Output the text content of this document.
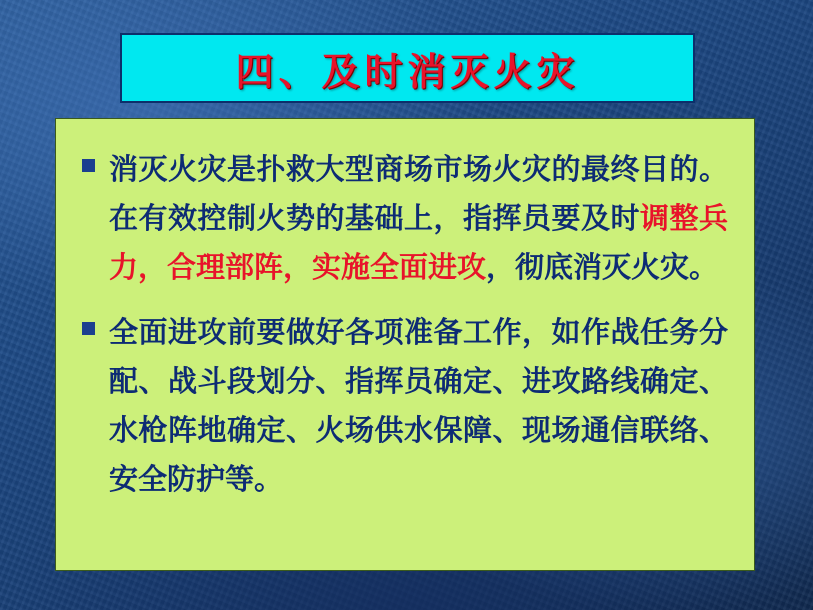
四、及时消灭火灾
消灭火灾是扑救大型商场市场火灾的最终目的。在有效控制火势的基础上，指挥员要及时调整兵力，合理部阵，实施全面进攻，彻底消灭火灾。
全面进攻前要做好各项准备工作，如作战任务分配、战斗段划分、指挥员确定、进攻路线确定、水枪阵地确定、火场供水保障、现场通信联络、安全防护等。
